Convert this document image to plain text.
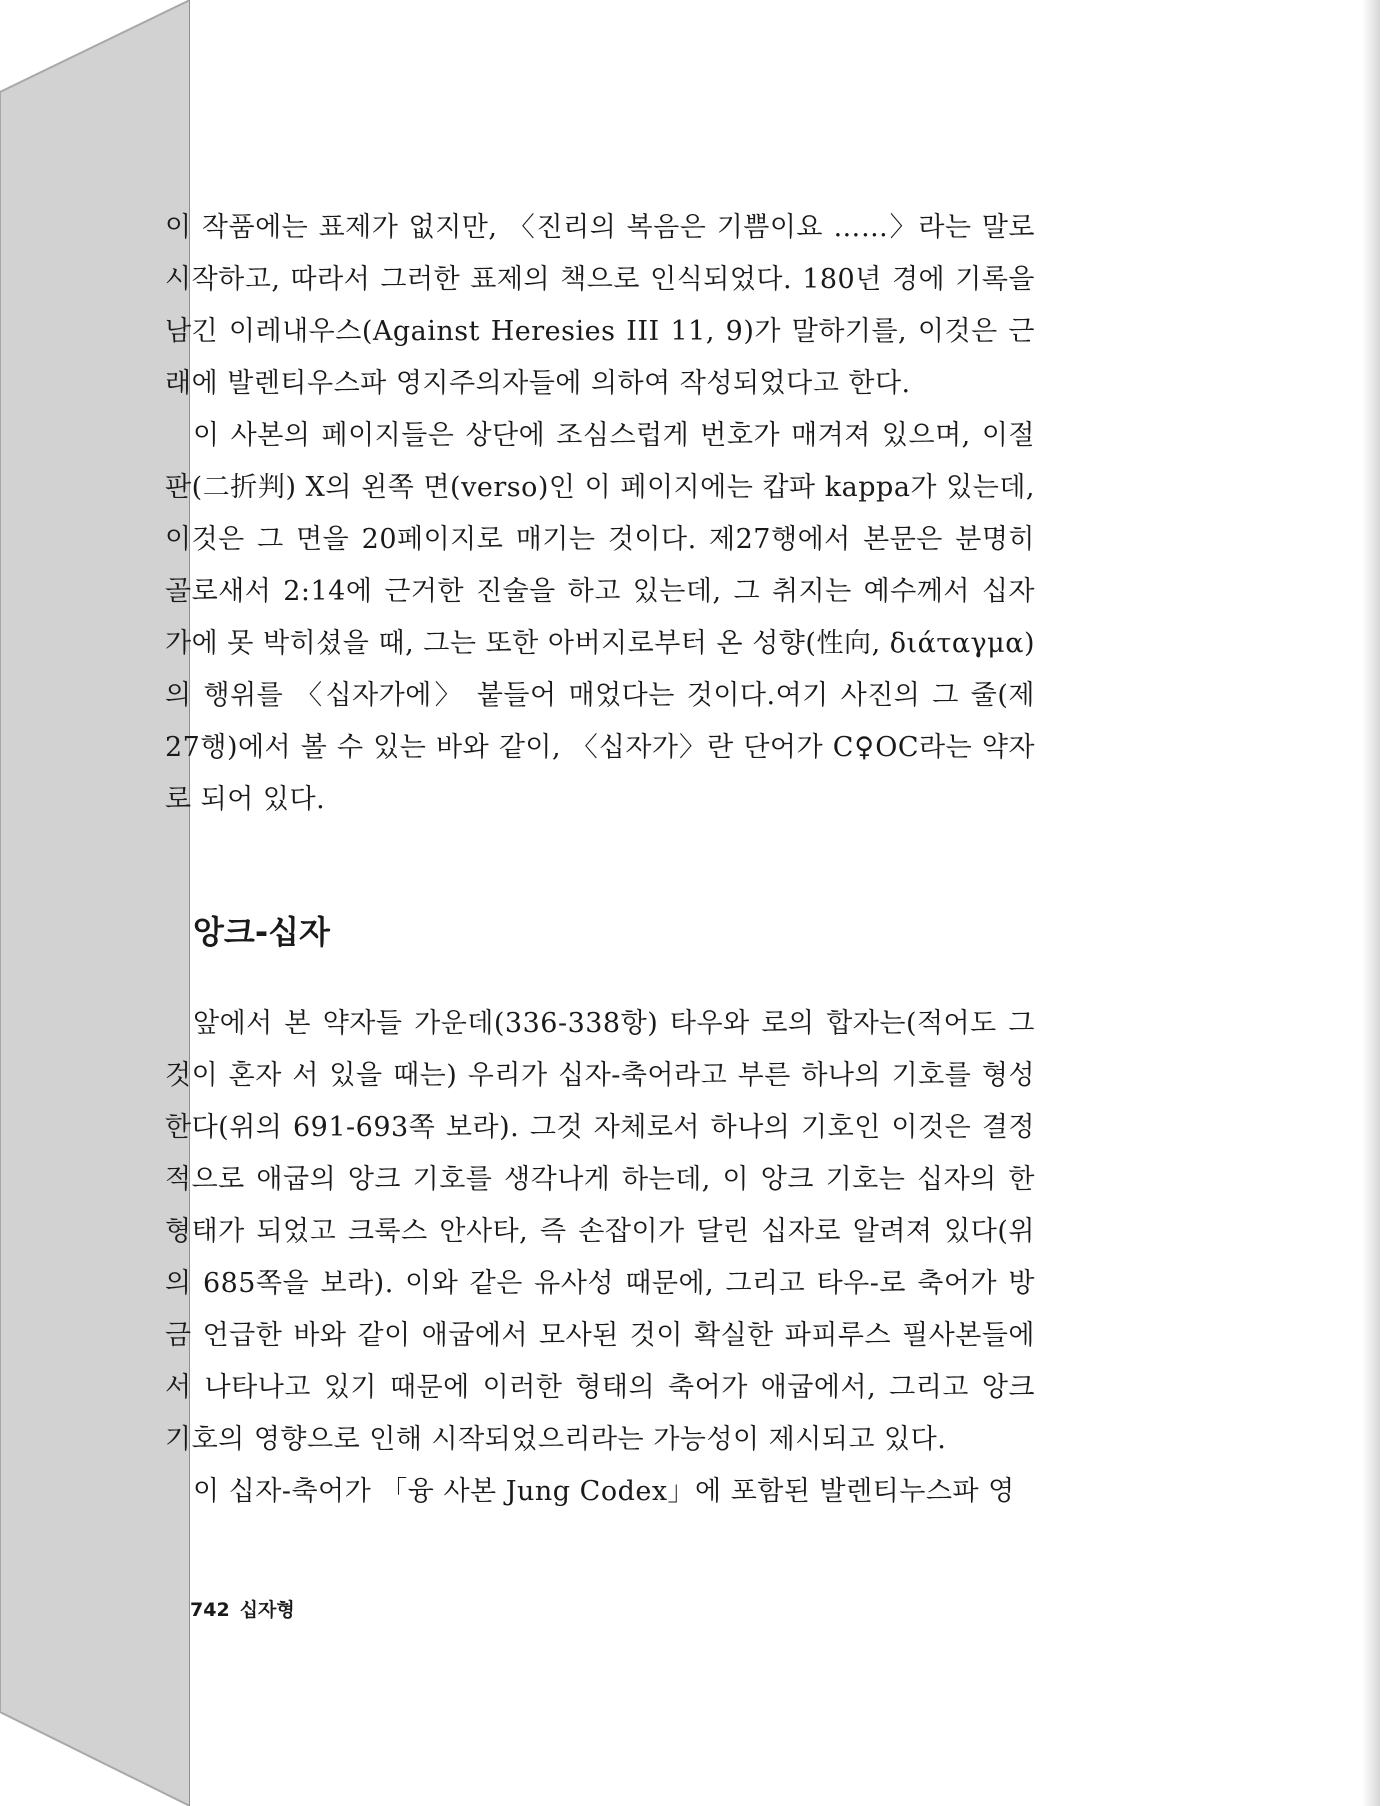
이 작품에는 표제가 없지만, 〈진리의 복음은 기쁨이요 ……〉라는 말로 시작하고, 따라서 그러한 표제의 책으로 인식되었다. 180년 경에 기록을 남긴 이레내우스(Against Heresies III 11, 9)가 말하기를, 이것은 근래에 발렌티우스파 영지주의자들에 의하여 작성되었다고 한다.

이 사본의 페이지들은 상단에 조심스럽게 번호가 매겨져 있으며, 이절판(二折判) X의 왼쪽 면(verso)인 이 페이지에는 캅파 kappa가 있는데, 이것은 그 면을 20페이지로 매기는 것이다. 제27행에서 본문은 분명히 골로새서 2:14에 근거한 진술을 하고 있는데, 그 취지는 예수께서 십자가에 못 박히셨을 때, 그는 또한 아버지로부터 온 성향(性向, διάταγμα)의 행위를 〈십자가에〉 붙들어 매었다는 것이다.여기 사진의 그 줄(제27행)에서 볼 수 있는 바와 같이, 〈십자가〉란 단어가 C♀OC라는 약자로 되어 있다.

앙크-십자

앞에서 본 약자들 가운데(336-338항) 타우와 로의 합자는(적어도 그것이 혼자 서 있을 때는) 우리가 십자-축어라고 부른 하나의 기호를 형성한다(위의 691-693쪽 보라). 그것 자체로서 하나의 기호인 이것은 결정적으로 애굽의 앙크 기호를 생각나게 하는데, 이 앙크 기호는 십자의 한 형태가 되었고 크룩스 안사타, 즉 손잡이가 달린 십자로 알려져 있다(위의 685쪽을 보라). 이와 같은 유사성 때문에, 그리고 타우-로 축어가 방금 언급한 바와 같이 애굽에서 모사된 것이 확실한 파피루스 필사본들에서 나타나고 있기 때문에 이러한 형태의 축어가 애굽에서, 그리고 앙크 기호의 영향으로 인해 시작되었으리라는 가능성이 제시되고 있다.

이 십자-축어가 「융 사본 Jung Codex」에 포함된 발렌티누스파 영

742 십자형
